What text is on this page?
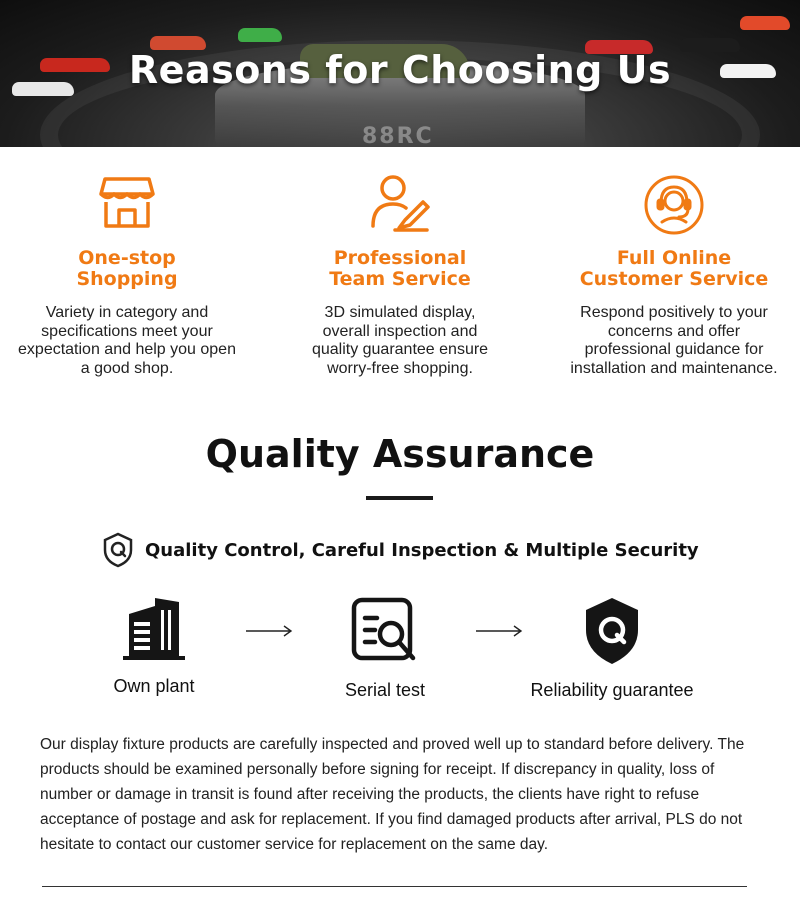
88RC
Reasons for Choosing Us
One-stop
Shopping
Variety in category and specifications meet your expectation and help you open a good shop.
Professional
Team Service
3D simulated display, overall inspection and quality guarantee ensure worry-free shopping.
Full Online
Customer Service
Respond positively to your concerns and offer professional guidance for installation and maintenance.
Quality Assurance
Quality Control, Careful Inspection & Multiple Security
Own plant	Serial test	Reliability guarantee
Our display fixture products are carefully inspected and proved well up to standard before delivery. The products should be examined personally before signing for receipt. If discrepancy in quality, loss of number or damage in transit is found after receiving the products, the clients have right to refuse acceptance of postage and ask for replacement. If you find damaged products after arrival, PLS do not hesitate to contact our customer service for replacement on the same day.
